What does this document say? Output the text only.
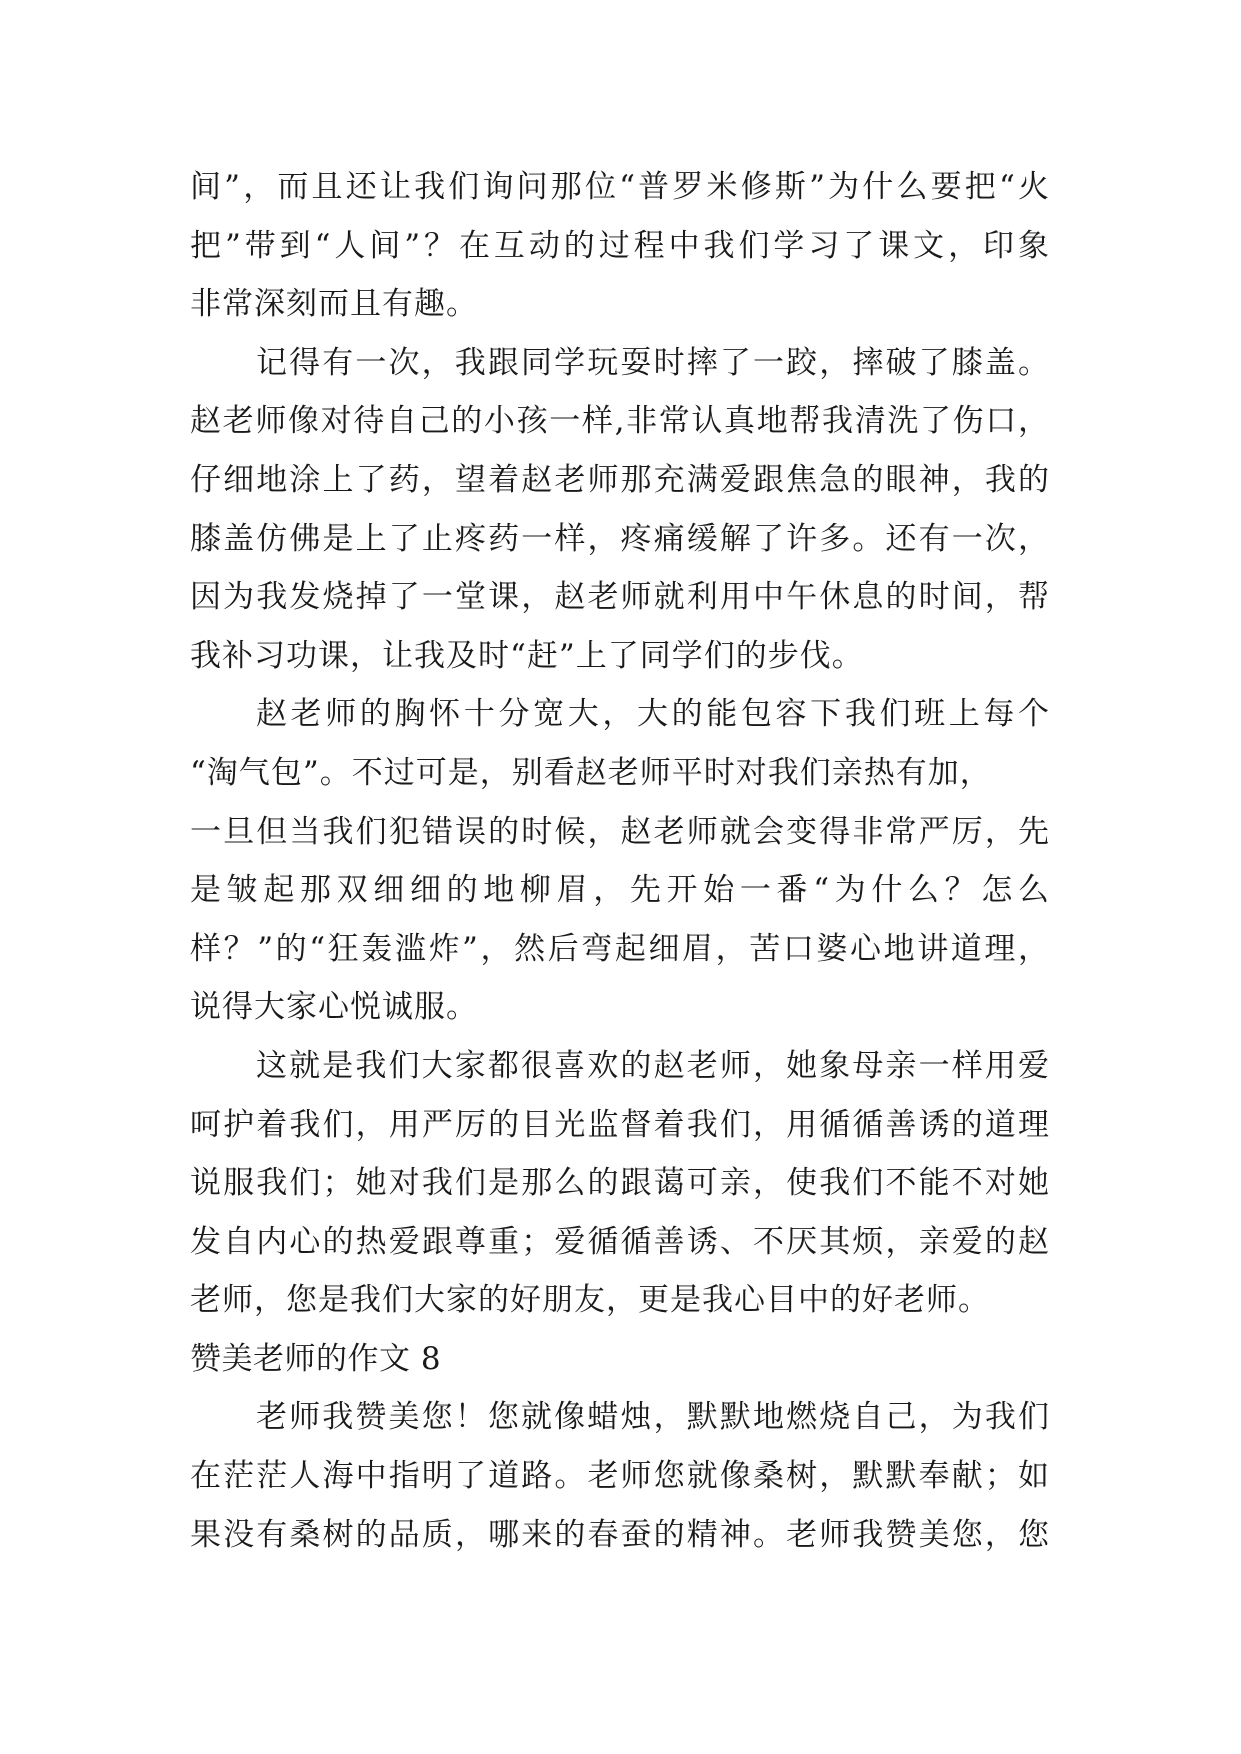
间”，而且还让我们询问那位“普罗米修斯”为什么要把“火
把”带到“人间”？在互动的过程中我们学习了课文，印象
非常深刻而且有趣。
记得有一次，我跟同学玩耍时摔了一跤，摔破了膝盖。
赵老师像对待自己的小孩一样,非常认真地帮我清洗了伤口，
仔细地涂上了药，望着赵老师那充满爱跟焦急的眼神，我的
膝盖仿佛是上了止疼药一样，疼痛缓解了许多。还有一次，
因为我发烧掉了一堂课，赵老师就利用中午休息的时间，帮
我补习功课，让我及时“赶”上了同学们的步伐。
赵老师的胸怀十分宽大，大的能包容下我们班上每个
“淘气包”。不过可是，别看赵老师平时对我们亲热有加，
一旦但当我们犯错误的时候，赵老师就会变得非常严厉，先
是皱起那双细细的地柳眉，先开始一番“为什么？怎么
样？”的“狂轰滥炸”，然后弯起细眉，苦口婆心地讲道理，
说得大家心悦诚服。
这就是我们大家都很喜欢的赵老师，她象母亲一样用爱
呵护着我们，用严厉的目光监督着我们，用循循善诱的道理
说服我们；她对我们是那么的跟蔼可亲，使我们不能不对她
发自内心的热爱跟尊重；爱循循善诱、不厌其烦，亲爱的赵
老师，您是我们大家的好朋友，更是我心目中的好老师。
赞美老师的作文 8
老师我赞美您！您就像蜡烛，默默地燃烧自己，为我们
在茫茫人海中指明了道路。老师您就像桑树，默默奉献；如
果没有桑树的品质，哪来的春蚕的精神。老师我赞美您，您
